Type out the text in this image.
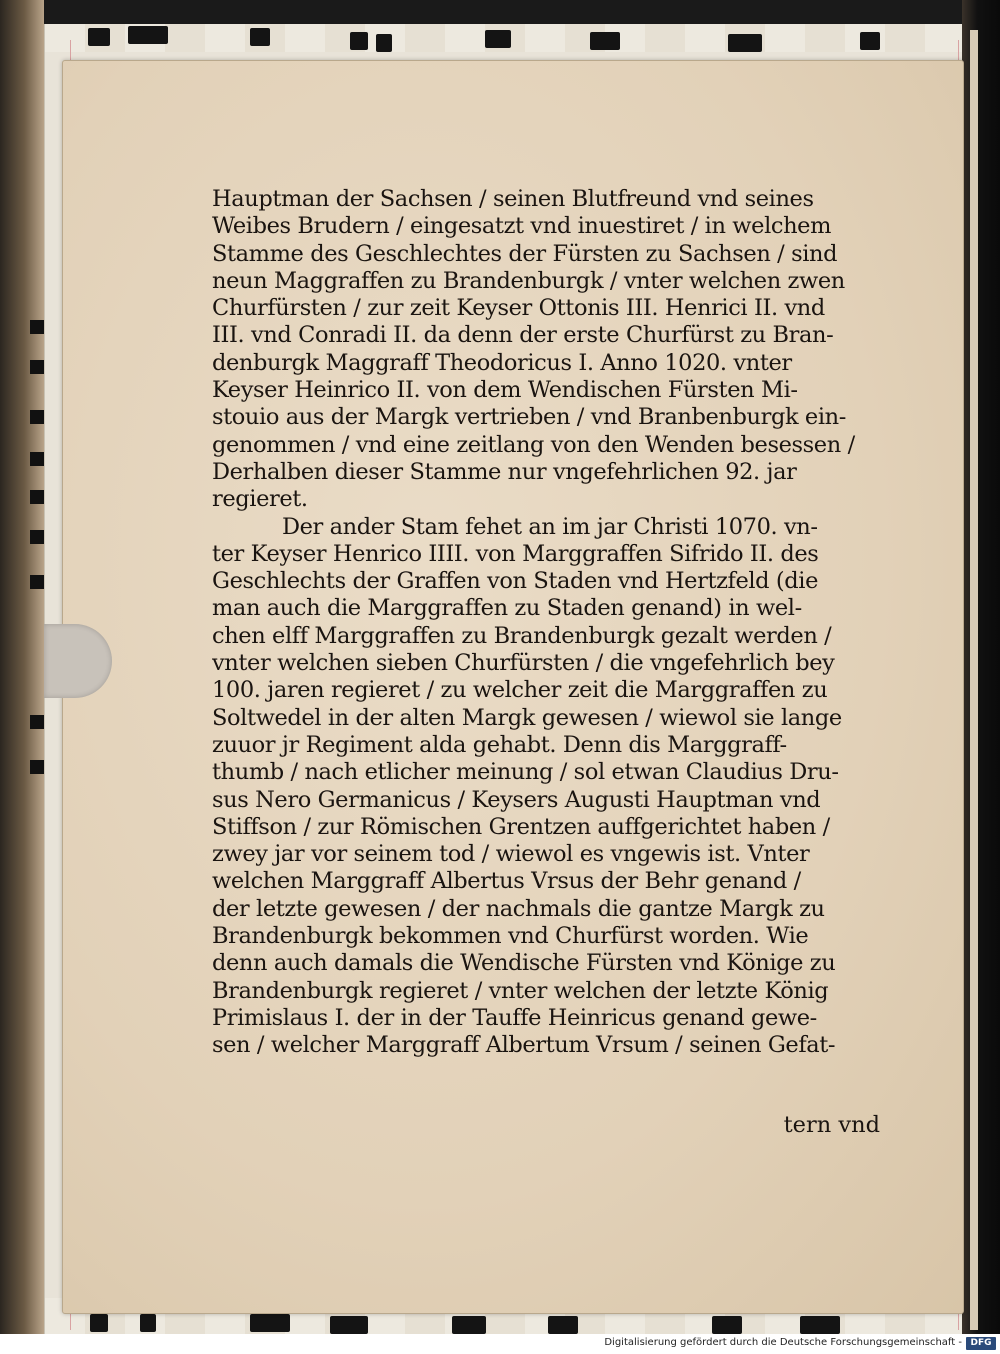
Hauptman der Sachsen / seinen Blutfreund vnd seines
Weibes Brudern / eingesatzt vnd inuestiret / in welchem
Stamme des Geschlechtes der Fürsten zu Sachsen / sind
neun Maggraffen zu Brandenburgk / vnter welchen zwen
Churfürsten / zur zeit Keyser Ottonis III. Henrici II. vnd
III. vnd Conradi II. da denn der erste Churfürst zu Bran-
denburgk Maggraff Theodoricus I. Anno 1020. vnter
Keyser Heinrico II. von dem Wendischen Fürsten Mi-
stouio aus der Margk vertrieben / vnd Branbenburgk ein-
genommen / vnd eine zeitlang von den Wenden besessen /
Derhalben dieser Stamme nur vngefehrlichen 92. jar
regieret.
Der ander Stam fehet an im jar Christi 1070. vn-
ter Keyser Henrico IIII. von Marggraffen Sifrido II. des
Geschlechts der Graffen von Staden vnd Hertzfeld (die
man auch die Marggraffen zu Staden genand) in wel-
chen elff Marggraffen zu Brandenburgk gezalt werden /
vnter welchen sieben Churfürsten / die vngefehrlich bey
100. jaren regieret / zu welcher zeit die Marggraffen zu
Soltwedel in der alten Margk gewesen / wiewol sie lange
zuuor jr Regiment alda gehabt. Denn dis Marggraff-
thumb / nach etlicher meinung / sol etwan Claudius Dru-
sus Nero Germanicus / Keysers Augusti Hauptman vnd
Stiffson / zur Römischen Grentzen auffgerichtet haben /
zwey jar vor seinem tod / wiewol es vngewis ist. Vnter
welchen Marggraff Albertus Vrsus der Behr genand /
der letzte gewesen / der nachmals die gantze Margk zu
Brandenburgk bekommen vnd Churfürst worden. Wie
denn auch damals die Wendische Fürsten vnd Könige zu
Brandenburgk regieret / vnter welchen der letzte König
Primislaus I. der in der Tauffe Heinricus genand gewe-
sen / welcher Marggraff Albertum Vrsum / seinen Gefat-
tern vnd
Digitalisierung gefördert durch die Deutsche Forschungsgemeinschaft - DFG
